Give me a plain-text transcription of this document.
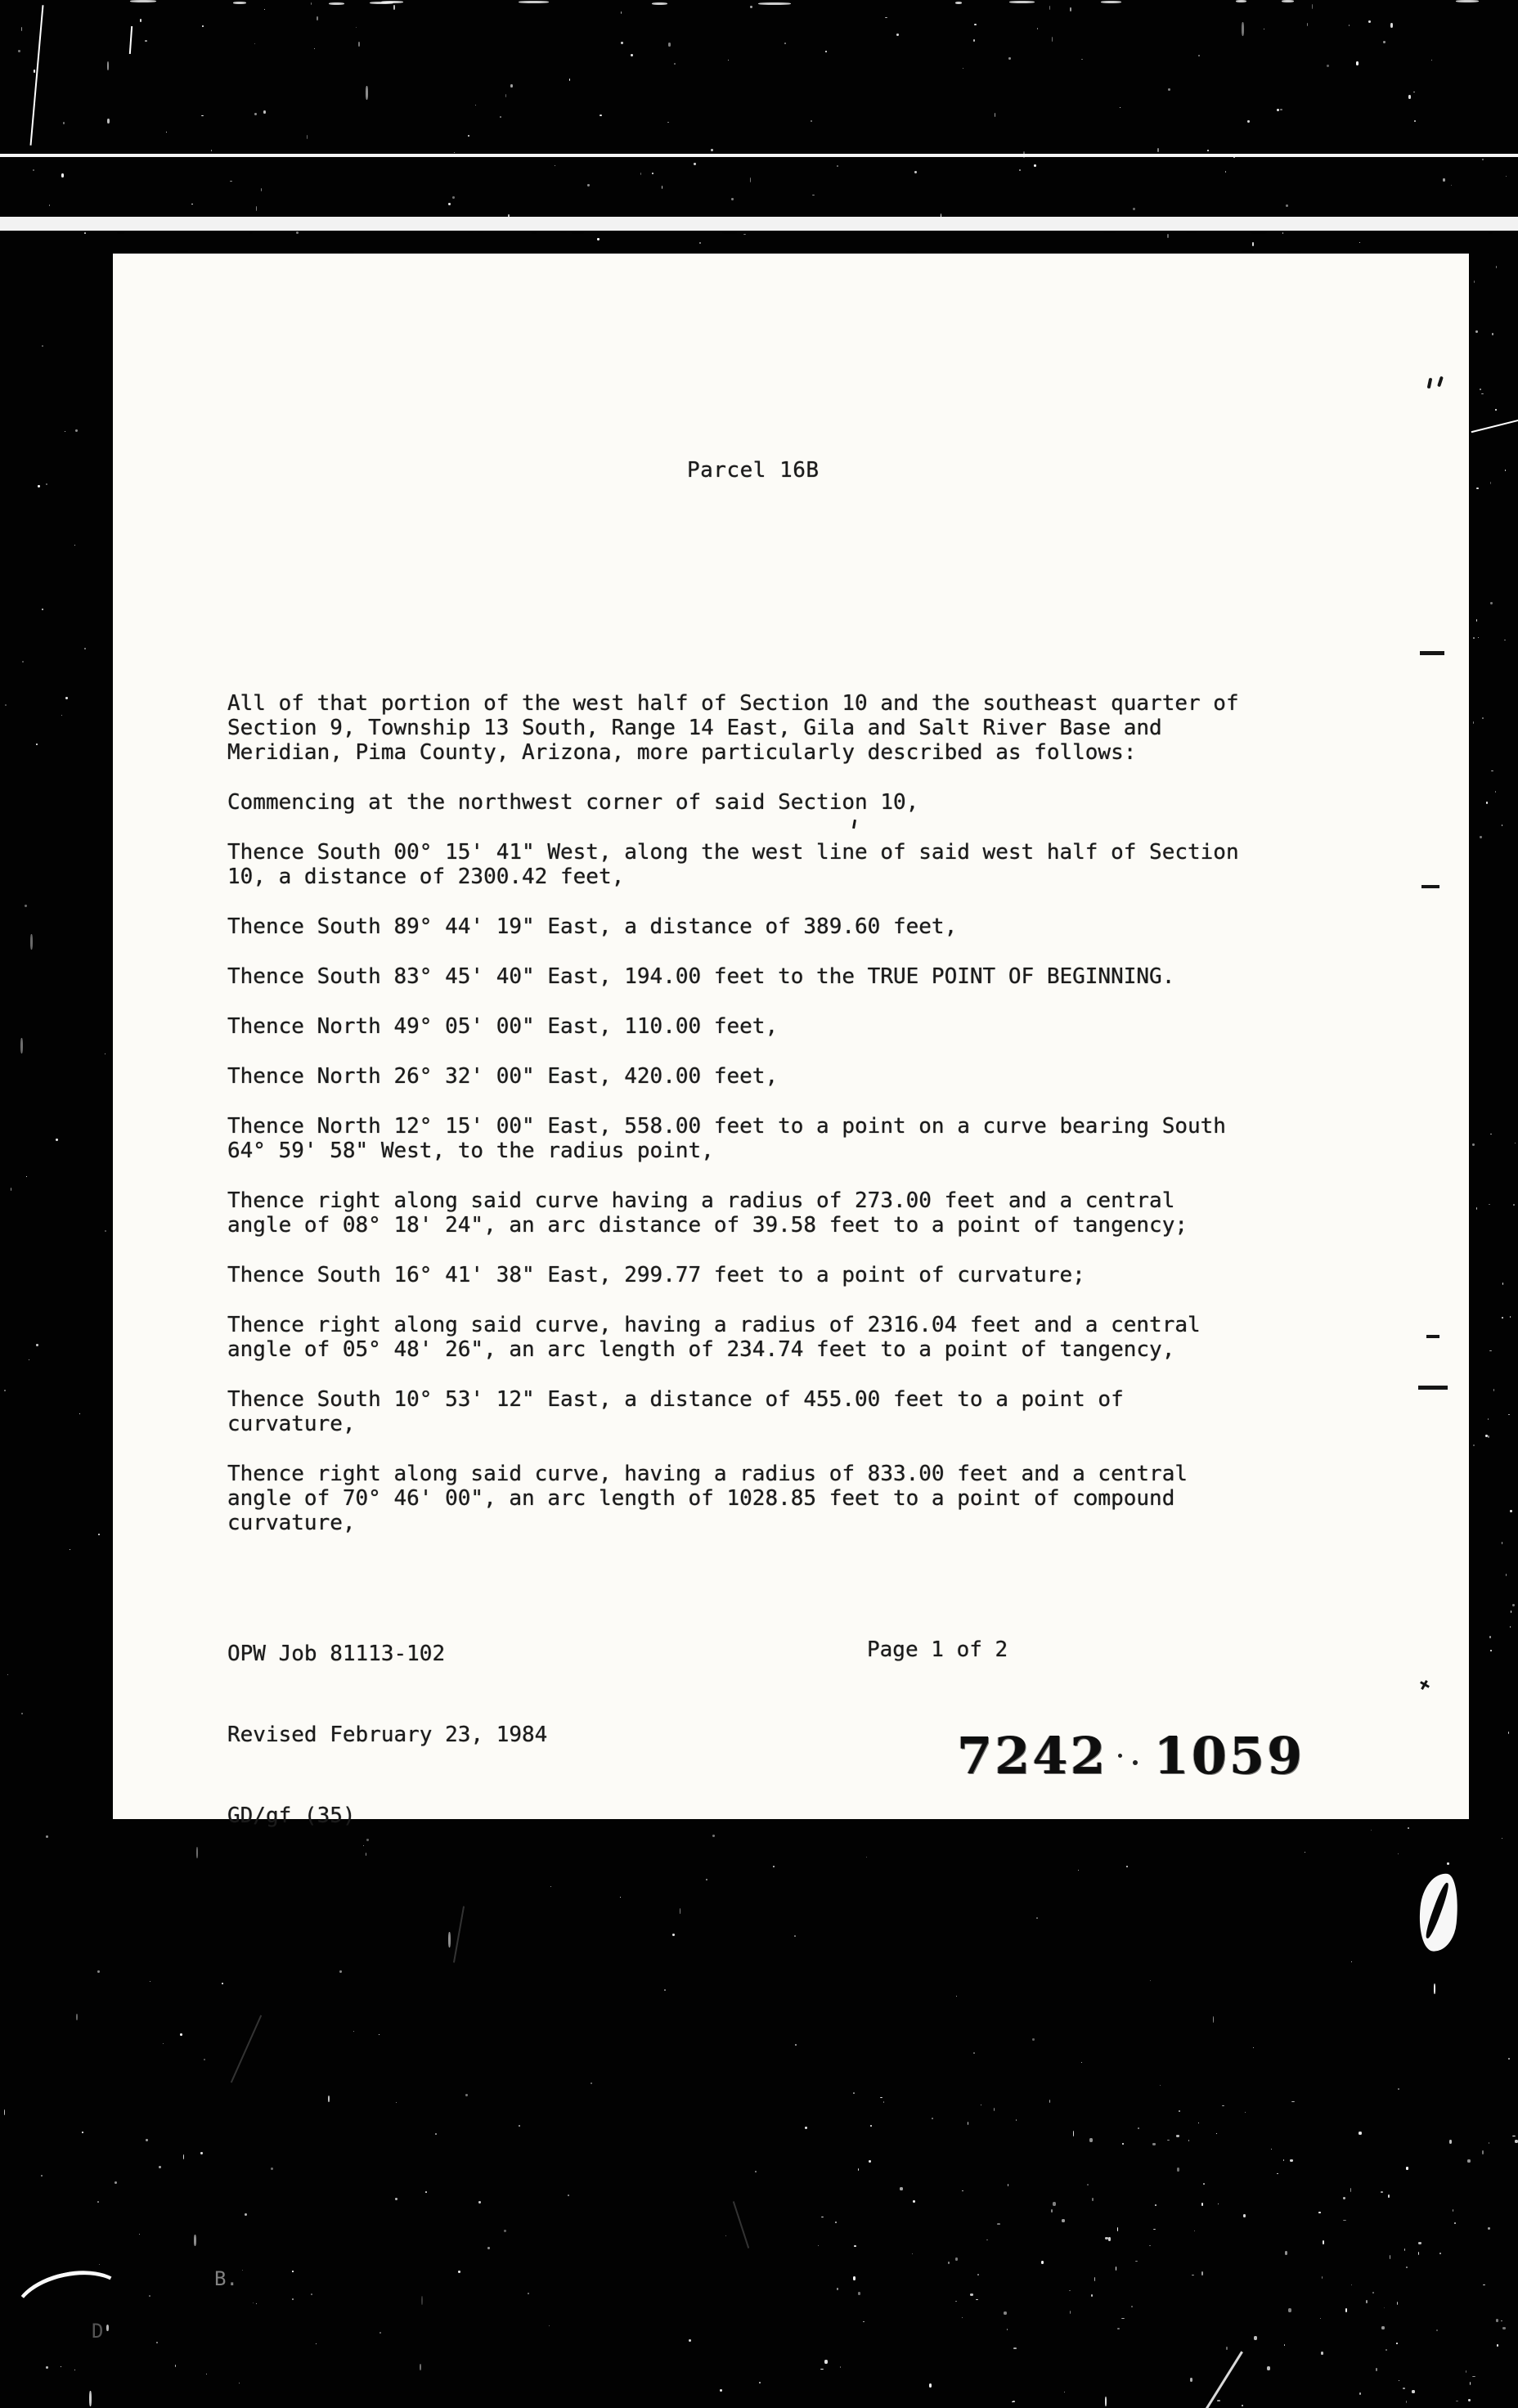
B.
D
Parcel 16B
All of that portion of the west half of Section 10 and the southeast quarter of
Section 9, Township 13 South, Range 14 East, Gila and Salt River Base and
Meridian, Pima County, Arizona, more particularly described as follows:
Commencing at the northwest corner of said Section 10,
Thence South 00° 15' 41" West, along the west line of said west half of Section
10, a distance of 2300.42 feet,
Thence South 89° 44' 19" East, a distance of 389.60 feet,
Thence South 83° 45' 40" East, 194.00 feet to the TRUE POINT OF BEGINNING.
Thence North 49° 05' 00" East, 110.00 feet,
Thence North 26° 32' 00" East, 420.00 feet,
Thence North 12° 15' 00" East, 558.00 feet to a point on a curve bearing South
64° 59' 58" West, to the radius point,
Thence right along said curve having a radius of 273.00 feet and a central
angle of 08° 18' 24", an arc distance of 39.58 feet to a point of tangency;
Thence South 16° 41' 38" East, 299.77 feet to a point of curvature;
Thence right along said curve, having a radius of 2316.04 feet and a central
angle of 05° 48' 26", an arc length of 234.74 feet to a point of tangency,
Thence South 10° 53' 12" East, a distance of 455.00 feet to a point of
curvature,
Thence right along said curve, having a radius of 833.00 feet and a central
angle of 70° 46' 00", an arc length of 1028.85 feet to a point of compound
curvature,

OPW Job 81113-102

Revised February 23, 1984

GD/gf (35)

Page 1 of 2
7242 1059
